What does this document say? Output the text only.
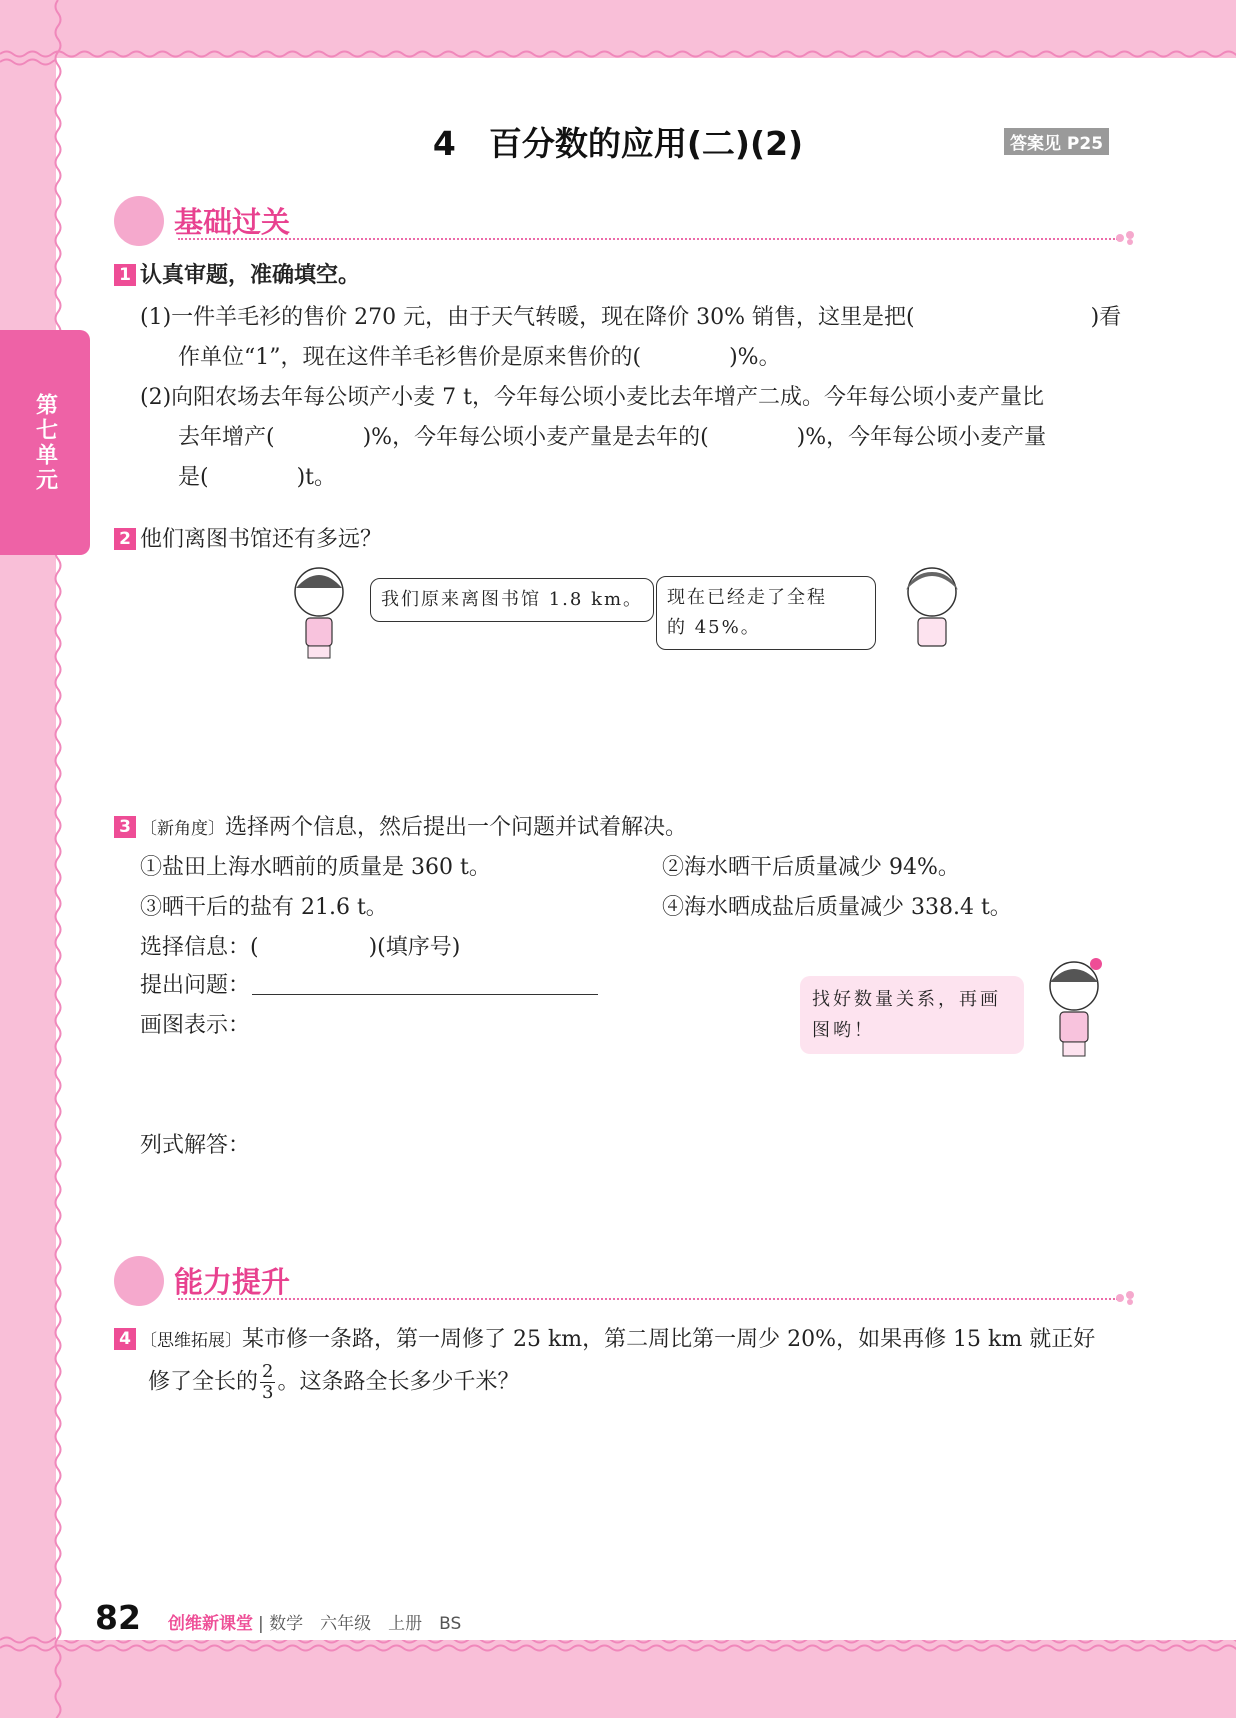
第七单元
4　百分数的应用(二)(2)	答案见 P25
基础过关
1 认真审题，准确填空。
(1)一件羊毛衫的售价 270 元，由于天气转暖，现在降价 30% 销售，这里是把(　　　　　　　　)看
作单位“1”，现在这件羊毛衫售价是原来售价的(　　　　)%。
(2)向阳农场去年每公顷产小麦 7 t，今年每公顷小麦比去年增产二成。今年每公顷小麦产量比
去年增产(　　　　)%，今年每公顷小麦产量是去年的(　　　　)%，今年每公顷小麦产量
是(　　　　)t。
2 他们离图书馆还有多远？
我们原来离图书馆 1.8 km。	现在已经走了全程
的 45%。
3 〔新角度〕选择两个信息，然后提出一个问题并试着解决。
①盐田上海水晒前的质量是 360 t。	②海水晒干后质量减少 94%。
③晒干后的盐有 21.6 t。	④海水晒成盐后质量减少 338.4 t。
选择信息：(　　　　　)(填序号)
提出问题：
画图表示：
找好数量关系，再画
图哟！
列式解答：
能力提升
4 〔思维拓展〕某市修一条路，第一周修了 25 km，第二周比第一周少 20%，如果再修 15 km 就正好
修了全长的 $\frac{2}{3}$ 。这条路全长多少千米？
82 创维新课堂 | 数学　六年级　上册　BS
